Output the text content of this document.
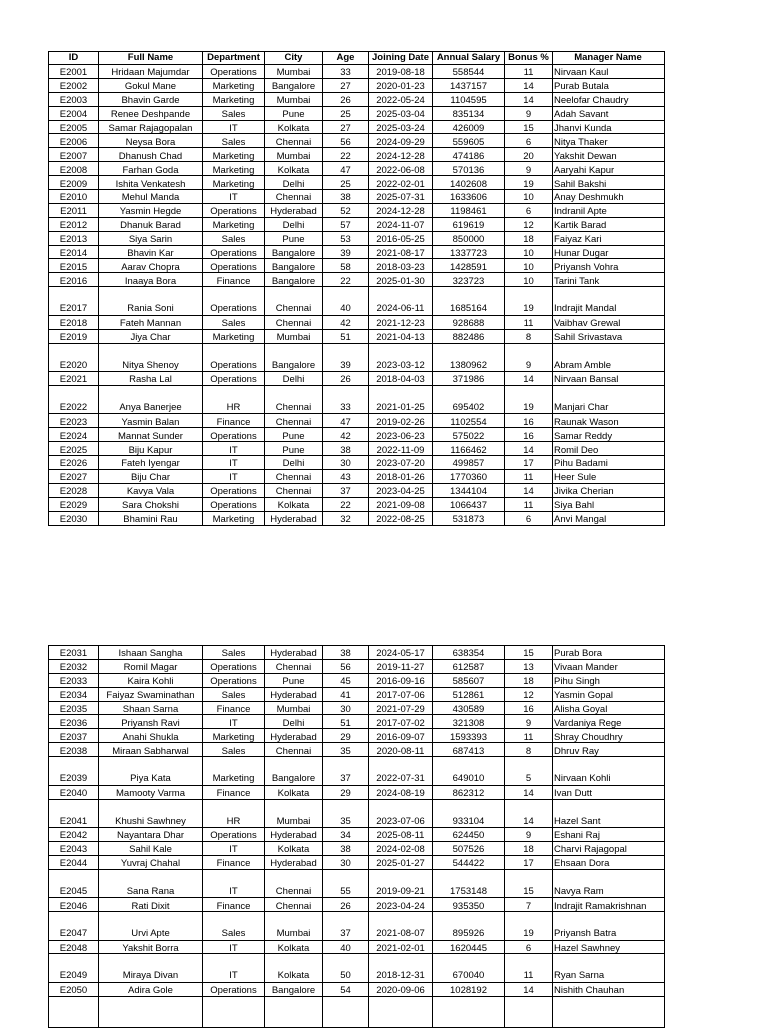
ID	Full Name	Department	City	Age	Joining Date	Annual Salary	Bonus %	Manager Name
E2001	Hridaan Majumdar	Operations	Mumbai	33	2019-08-18	558544	11	Nirvaan Kaul
E2002	Gokul Mane	Marketing	Bangalore	27	2020-01-23	1437157	14	Purab Butala
E2003	Bhavin Garde	Marketing	Mumbai	26	2022-05-24	1104595	14	Neelofar Chaudry
E2004	Renee Deshpande	Sales	Pune	25	2025-03-04	835134	9	Adah Savant
E2005	Samar Rajagopalan	IT	Kolkata	27	2025-03-24	426009	15	Jhanvi Kunda
E2006	Neysa Bora	Sales	Chennai	56	2024-09-29	559605	6	Nitya Thaker
E2007	Dhanush Chad	Marketing	Mumbai	22	2024-12-28	474186	20	Yakshit Dewan
E2008	Farhan Goda	Marketing	Kolkata	47	2022-06-08	570136	9	Aaryahi Kapur
E2009	Ishita Venkatesh	Marketing	Delhi	25	2022-02-01	1402608	19	Sahil Bakshi
E2010	Mehul Manda	IT	Chennai	38	2025-07-31	1633606	10	Anay Deshmukh
E2011	Yasmin Hegde	Operations	Hyderabad	52	2024-12-28	1198461	6	Indranil Apte
E2012	Dhanuk Barad	Marketing	Delhi	57	2024-11-07	619619	12	Kartik Barad
E2013	Siya Sarin	Sales	Pune	53	2016-05-25	850000	18	Faiyaz Kari
E2014	Bhavin Kar	Operations	Bangalore	39	2021-08-17	1337723	10	Hunar Dugar
E2015	Aarav Chopra	Operations	Bangalore	58	2018-03-23	1428591	10	Priyansh Vohra
E2016	Inaaya Bora	Finance	Bangalore	22	2025-01-30	323723	10	Tarini Tank
E2017	Rania Soni	Operations	Chennai	40	2024-06-11	1685164	19	Indrajit Mandal
E2018	Fateh Mannan	Sales	Chennai	42	2021-12-23	928688	11	Vaibhav Grewal
E2019	Jiya Char	Marketing	Mumbai	51	2021-04-13	882486	8	Sahil Srivastava
E2020	Nitya Shenoy	Operations	Bangalore	39	2023-03-12	1380962	9	Abram Amble
E2021	Rasha Lal	Operations	Delhi	26	2018-04-03	371986	14	Nirvaan Bansal
E2022	Anya Banerjee	HR	Chennai	33	2021-01-25	695402	19	Manjari Char
E2023	Yasmin Balan	Finance	Chennai	47	2019-02-26	1102554	16	Raunak Wason
E2024	Mannat Sunder	Operations	Pune	42	2023-06-23	575022	16	Samar Reddy
E2025	Biju Kapur	IT	Pune	38	2022-11-09	1166462	14	Romil Deo
E2026	Fateh Iyengar	IT	Delhi	30	2023-07-20	499857	17	Pihu Badami
E2027	Biju Char	IT	Chennai	43	2018-01-26	1770360	11	Heer Sule
E2028	Kavya Vala	Operations	Chennai	37	2023-04-25	1344104	14	Jivika Cherian
E2029	Sara Chokshi	Operations	Kolkata	22	2021-09-08	1066437	11	Siya Bahl
E2030	Bhamini Rau	Marketing	Hyderabad	32	2022-08-25	531873	6	Anvi Mangal
E2031	Ishaan Sangha	Sales	Hyderabad	38	2024-05-17	638354	15	Purab Bora
E2032	Romil Magar	Operations	Chennai	56	2019-11-27	612587	13	Vivaan Mander
E2033	Kaira Kohli	Operations	Pune	45	2016-09-16	585607	18	Pihu Singh
E2034	Faiyaz Swaminathan	Sales	Hyderabad	41	2017-07-06	512861	12	Yasmin Gopal
E2035	Shaan Sarna	Finance	Mumbai	30	2021-07-29	430589	16	Alisha Goyal
E2036	Priyansh Ravi	IT	Delhi	51	2017-07-02	321308	9	Vardaniya Rege
E2037	Anahi Shukla	Marketing	Hyderabad	29	2016-09-07	1593393	11	Shray Choudhry
E2038	Miraan Sabharwal	Sales	Chennai	35	2020-08-11	687413	8	Dhruv Ray
E2039	Piya Kata	Marketing	Bangalore	37	2022-07-31	649010	5	Nirvaan Kohli
E2040	Mamooty Varma	Finance	Kolkata	29	2024-08-19	862312	14	Ivan Dutt
E2041	Khushi Sawhney	HR	Mumbai	35	2023-07-06	933104	14	Hazel Sant
E2042	Nayantara Dhar	Operations	Hyderabad	34	2025-08-11	624450	9	Eshani Raj
E2043	Sahil Kale	IT	Kolkata	38	2024-02-08	507526	18	Charvi Rajagopal
E2044	Yuvraj Chahal	Finance	Hyderabad	30	2025-01-27	544422	17	Ehsaan Dora
E2045	Sana Rana	IT	Chennai	55	2019-09-21	1753148	15	Navya Ram
E2046	Rati Dixit	Finance	Chennai	26	2023-04-24	935350	7	Indrajit Ramakrishnan
E2047	Urvi Apte	Sales	Mumbai	37	2021-08-07	895926	19	Priyansh Batra
E2048	Yakshit Borra	IT	Kolkata	40	2021-02-01	1620445	6	Hazel Sawhney
E2049	Miraya Divan	IT	Kolkata	50	2018-12-31	670040	11	Ryan Sarna
E2050	Adira Gole	Operations	Bangalore	54	2020-09-06	1028192	14	Nishith Chauhan
